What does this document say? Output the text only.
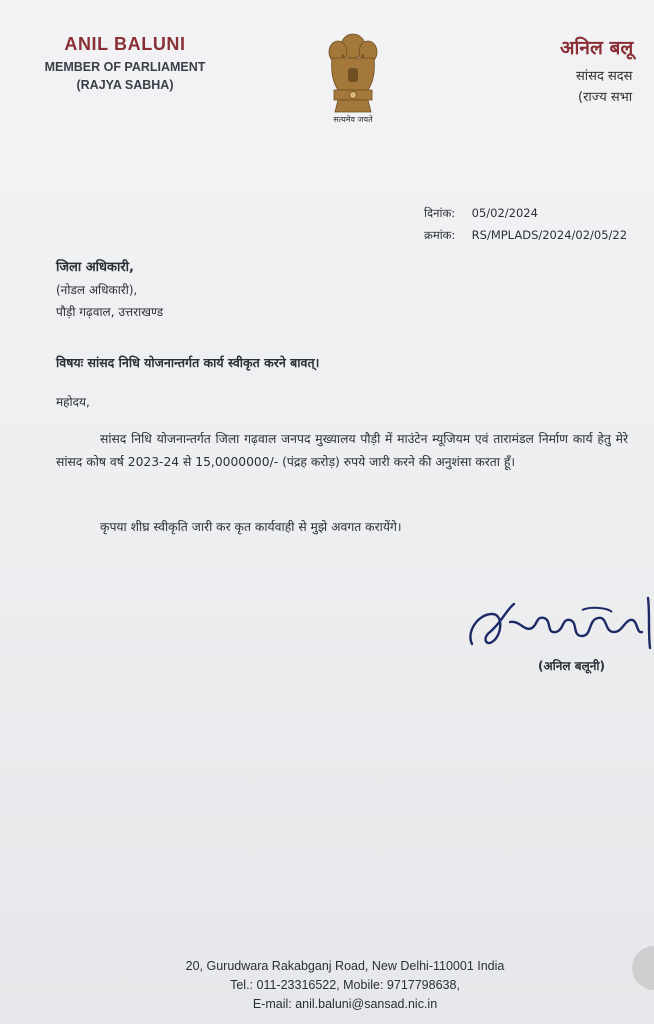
ANIL BALUNI
MEMBER OF PARLIAMENT
(RAJYA SABHA)
सत्यमेव जयते
अनिल बलू
सांसद सदस
(राज्य सभा
दिनांक: 05/02/2024
क्रमांक: RS/MPLADS/2024/02/05/22
जिला अधिकारी,
(नोडल अधिकारी),
पौड़ी गढ़वाल, उत्तराखण्ड
विषयः सांसद निधि योजनान्तर्गत कार्य स्वीकृत करने बावत्।
महोदय,
सांसद निधि योजनान्तर्गत जिला गढ़वाल जनपद मुख्यालय पौड़ी में माउंटेन म्यूजियम एवं तारामंडल निर्माण कार्य हेतु मेरे सांसद कोष वर्ष 2023-24 से 15,0000000/- (पंद्रह करोड़) रुपये जारी करने की अनुशंसा करता हूँ।
कृपया शीघ्र स्वीकृति जारी कर कृत कार्यवाही से मुझे अवगत करायेंगे।
(अनिल बलूनी)
20, Gurudwara Rakabganj Road, New Delhi-110001 India
Tel.: 011-23316522, Mobile: 9717798638,
E-mail: anil.baluni@sansad.nic.in
